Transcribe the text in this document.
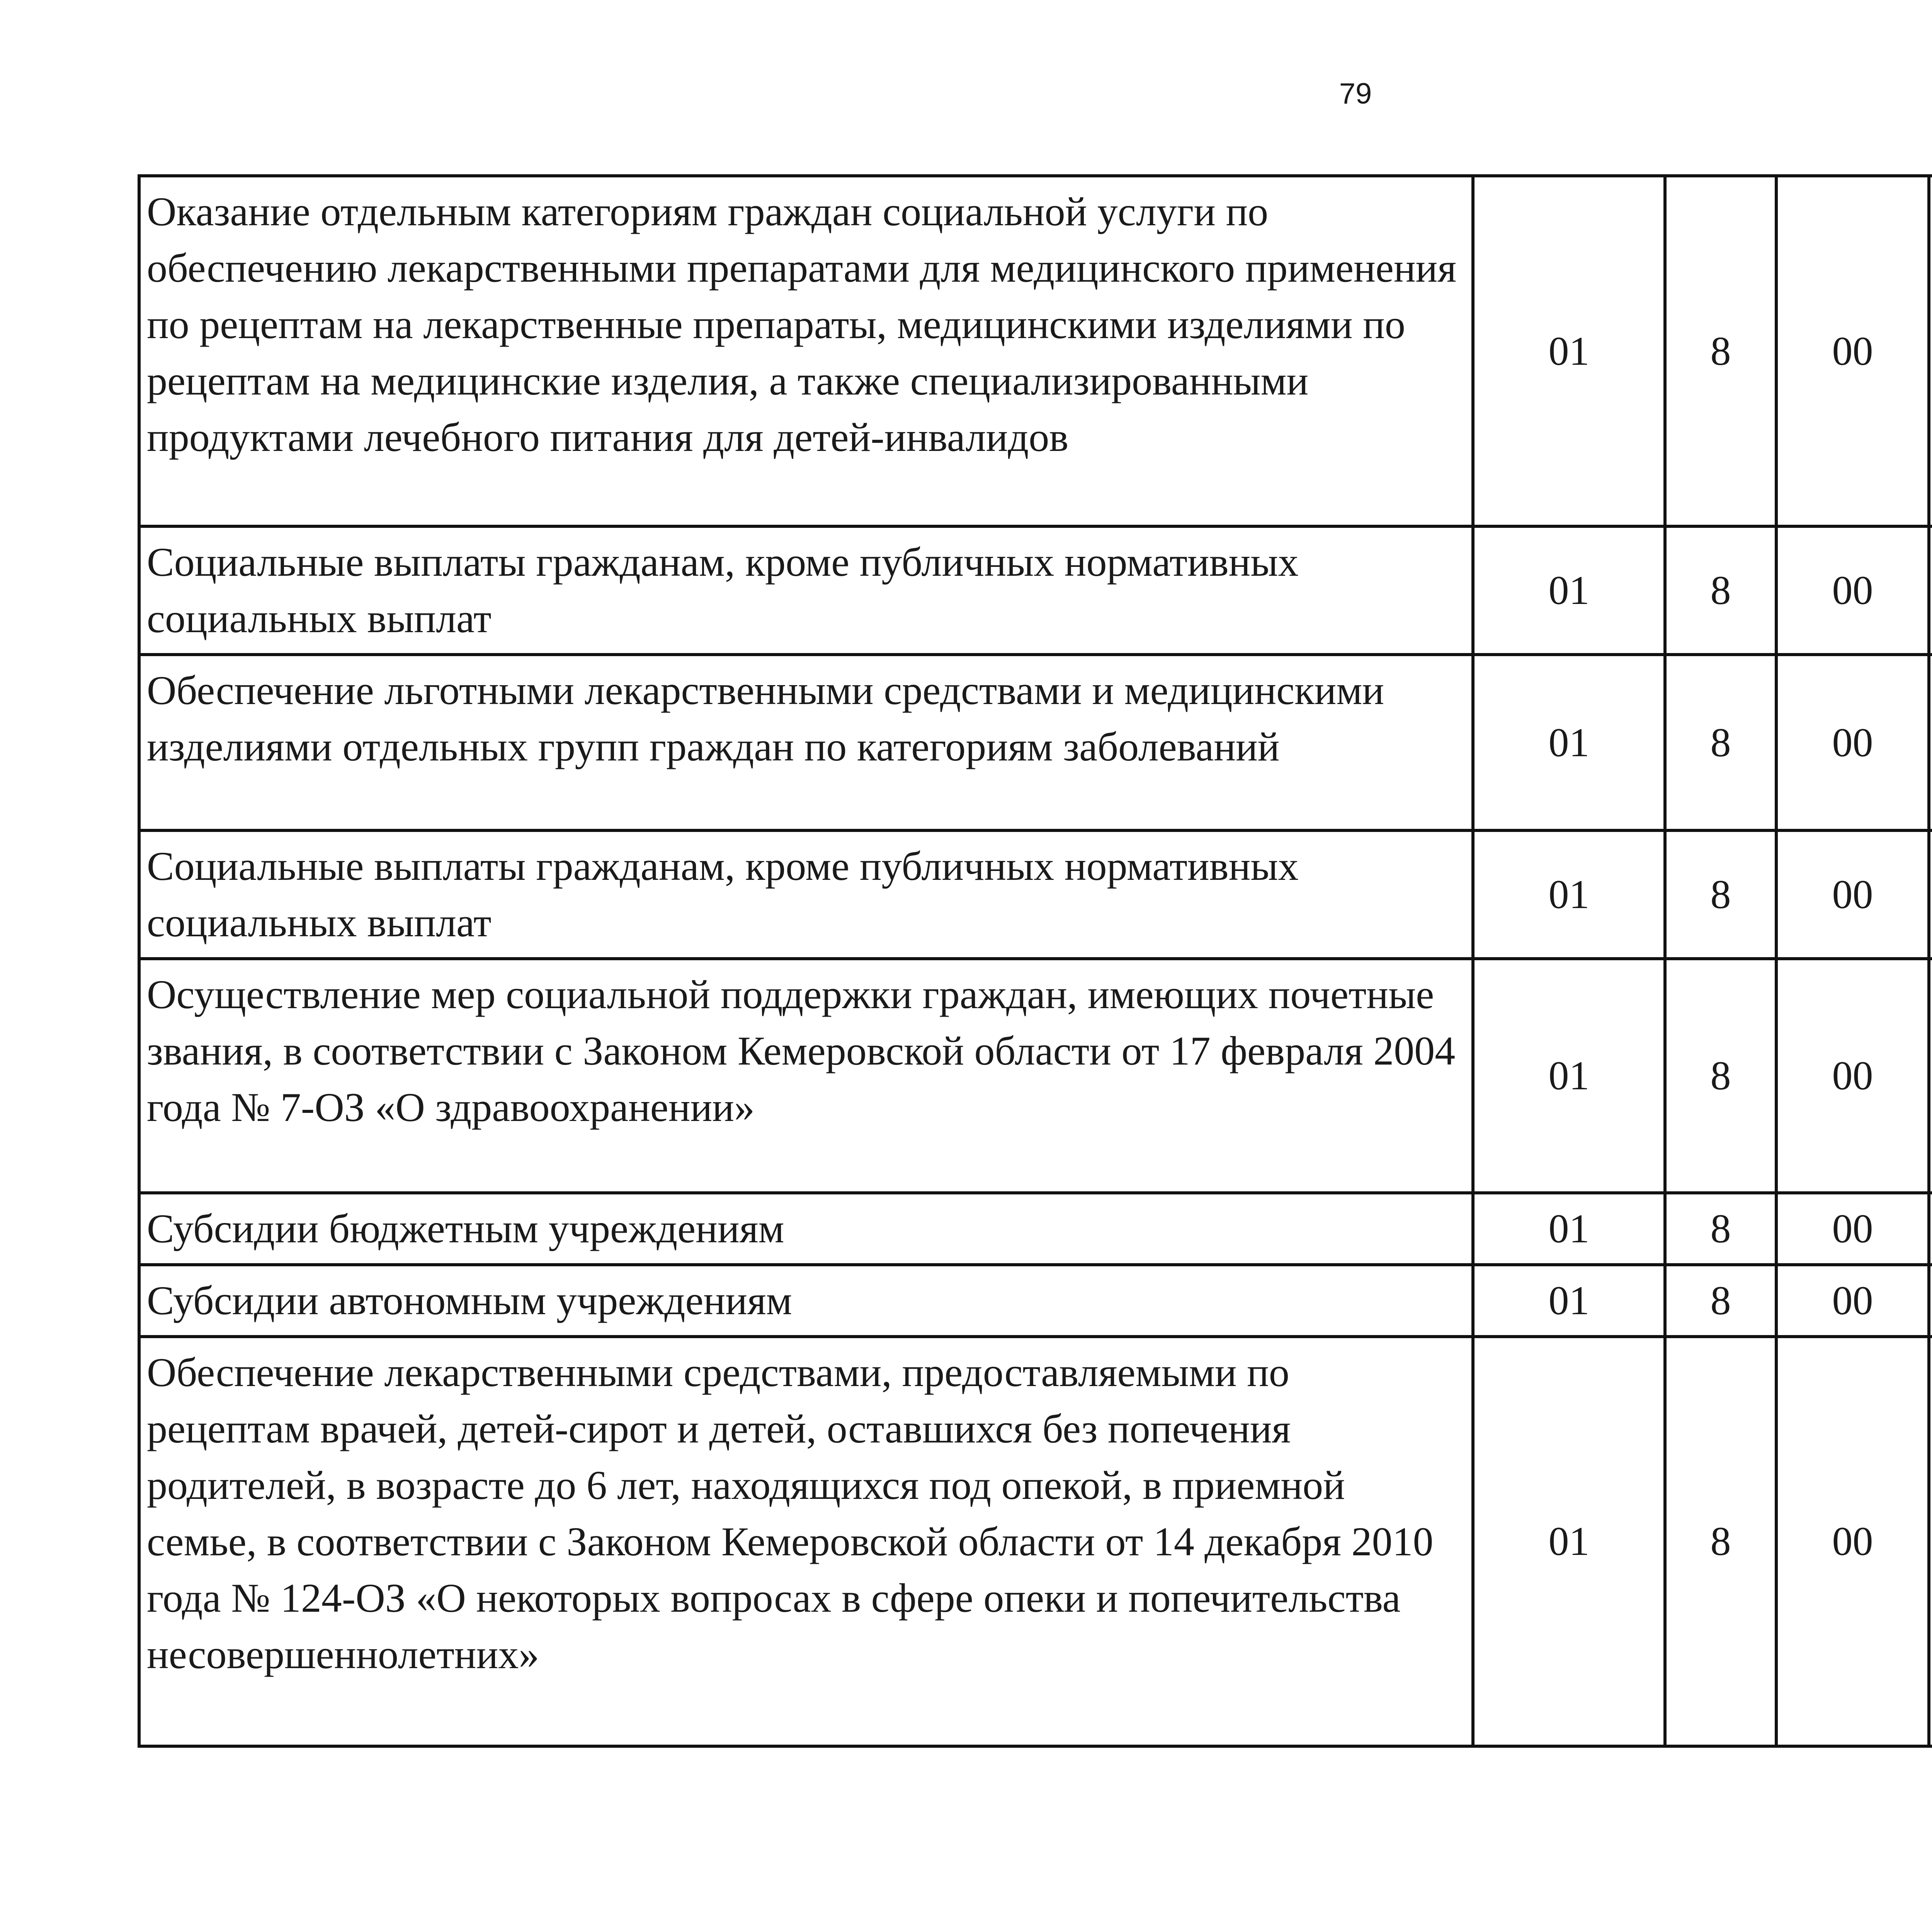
79
Оказание отдельным категориям граждан социальной услуги по обеспечению лекарственными препаратами для медицинского применения по рецептам на лекарственные препараты, медицинскими изделиями по рецептам на медицинские изделия, а также специализированными продуктами лечебного питания для детей-инвалидов	01	8	00			
Социальные выплаты гражданам, кроме публичных нормативных социальных выплат	01	8	00			
Обеспечение льготными лекарственными средствами и медицинскими изделиями отдельных групп граждан по категориям заболеваний	01	8	00			
Социальные выплаты гражданам, кроме публичных нормативных социальных выплат	01	8	00			
Осуществление мер социальной поддержки граждан, имеющих почетные звания, в соответствии с Законом Кемеровской области от 17 февраля 2004 года № 7-ОЗ «О здравоохранении»	01	8	00			
Субсидии бюджетным учреждениям	01	8	00			
Субсидии автономным учреждениям	01	8	00			
Обеспечение лекарственными средствами, предоставляемыми по рецептам врачей, детей-сирот и детей, оставшихся без попечения родителей, в возрасте до 6 лет, находящихся под опекой, в приемной семье, в соответствии с Законом Кемеровской области от 14 декабря 2010 года № 124-ОЗ «О некоторых вопросах в сфере опеки и попечительства несовершеннолетних»	01	8	00			
